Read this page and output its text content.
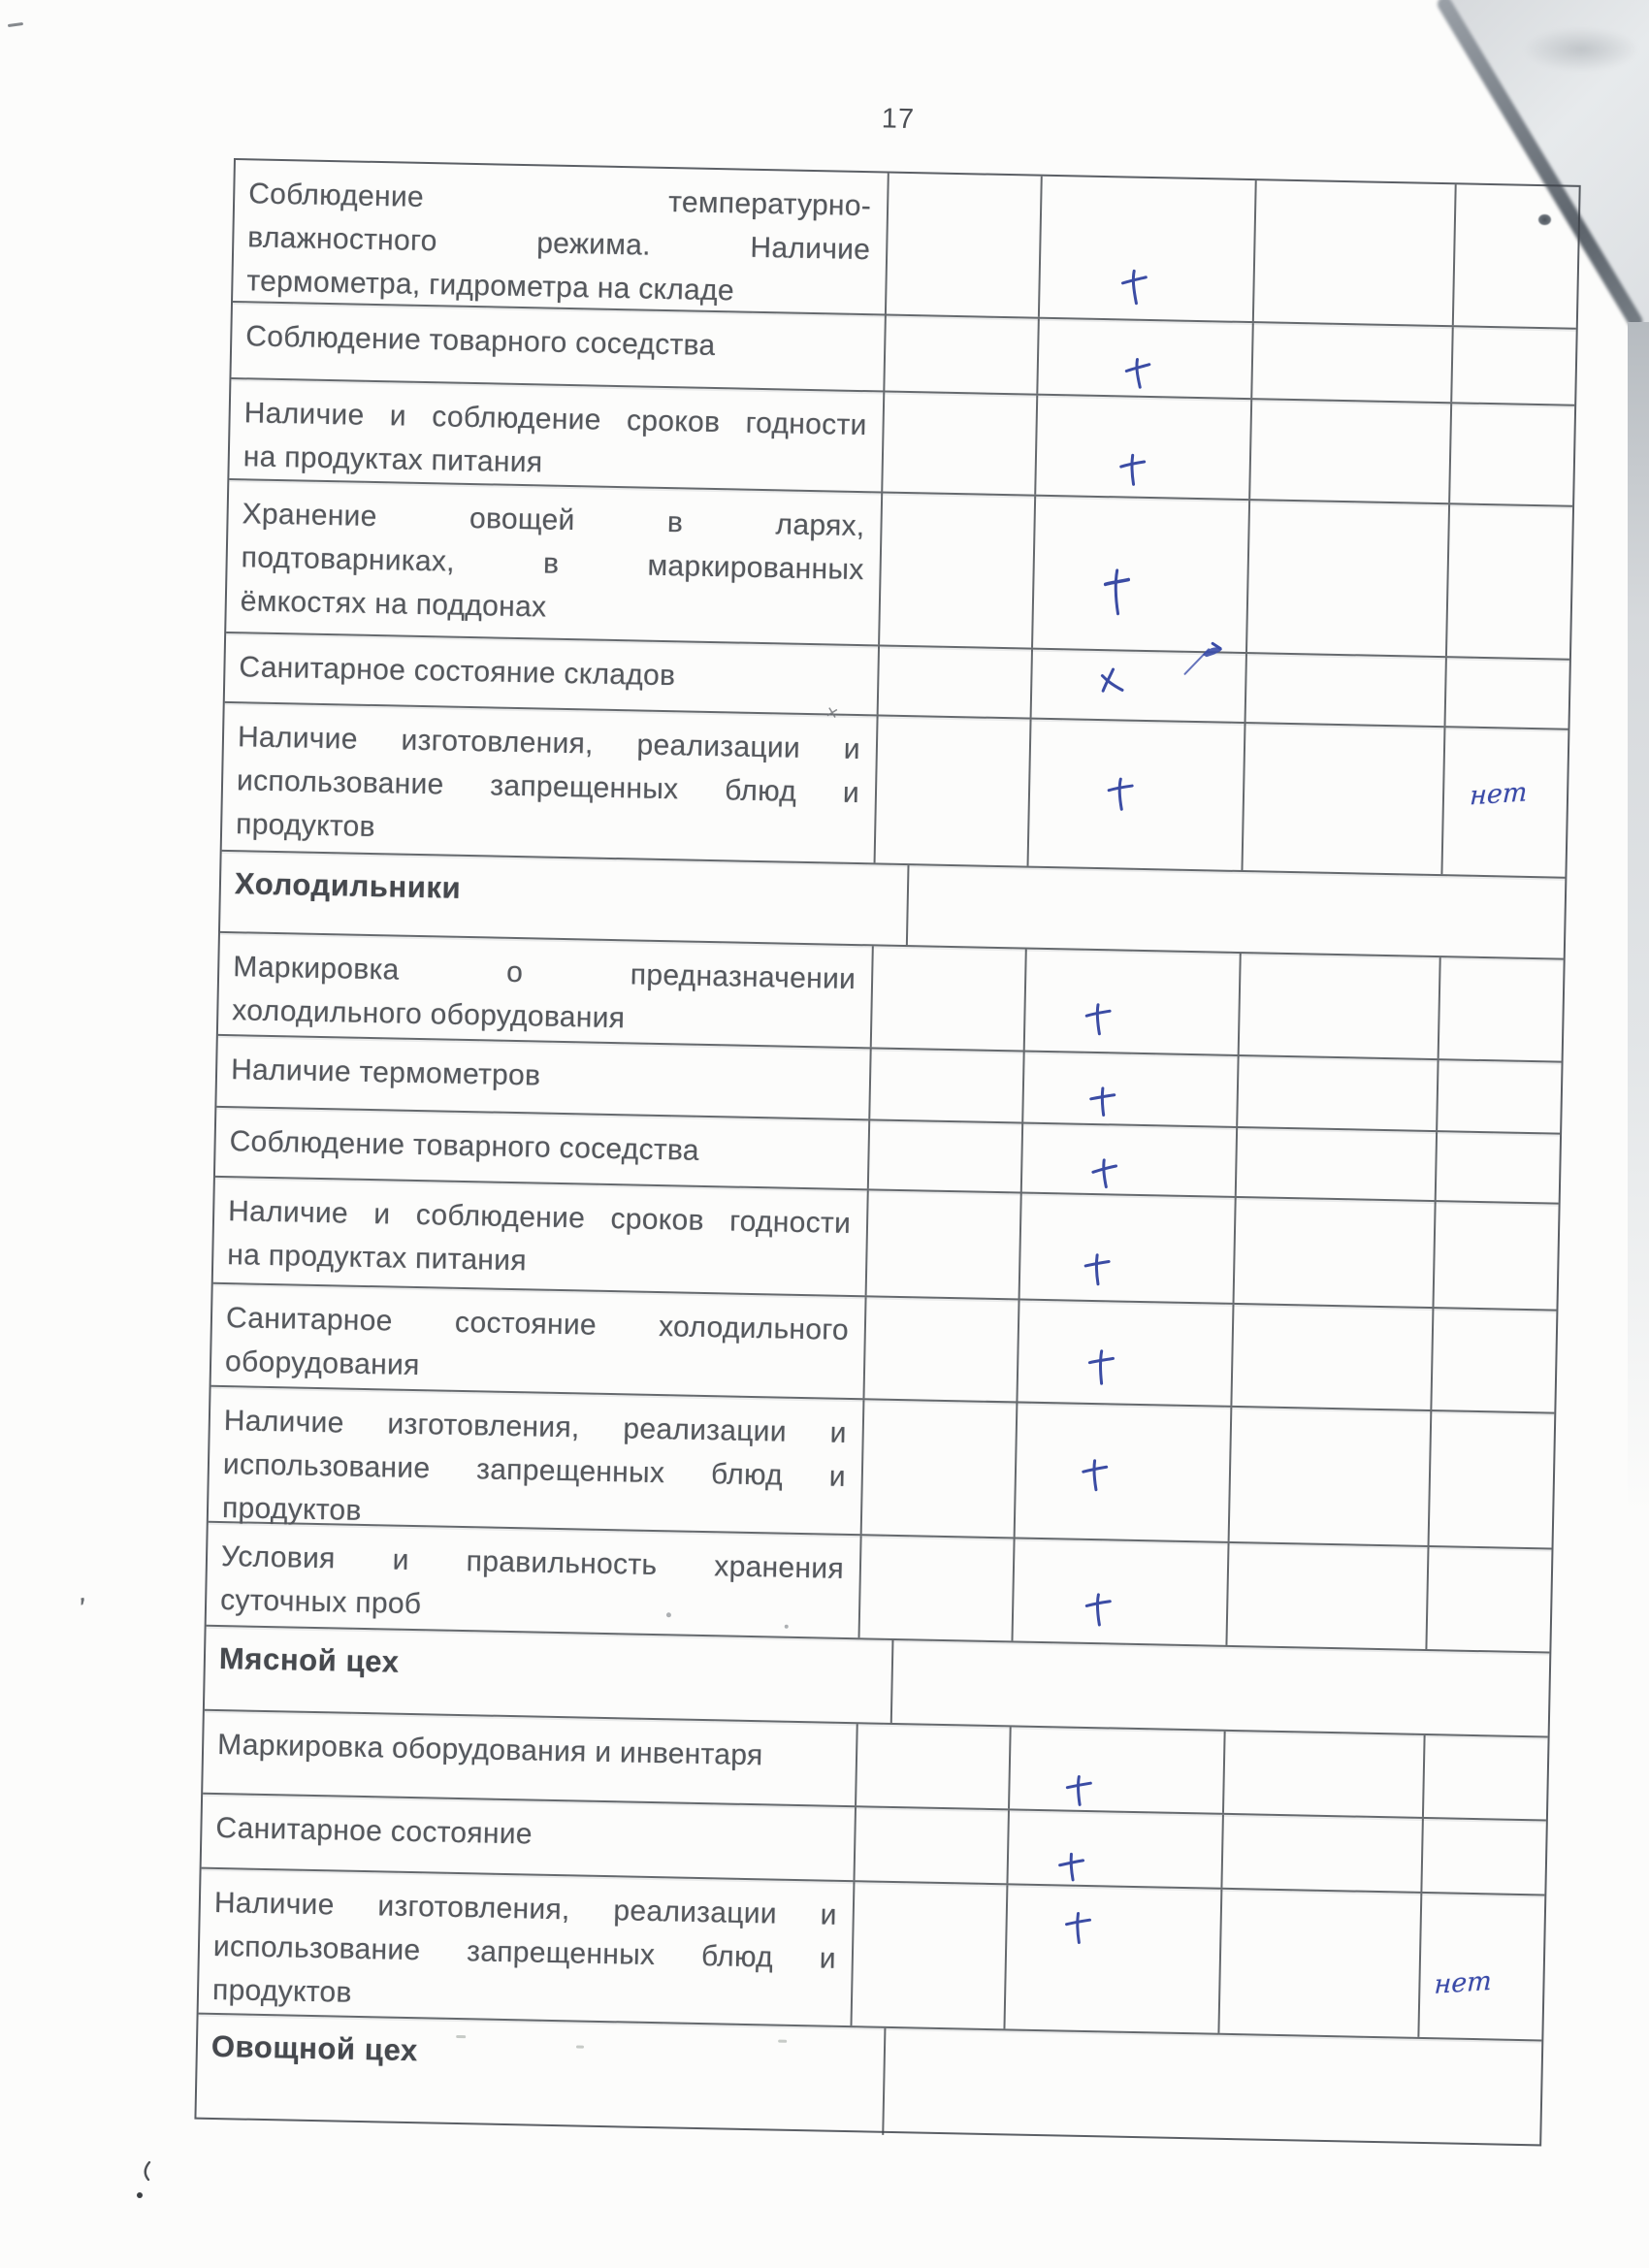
ʼ
17
Соблюдение температурно-
влажностного режима. Наличие
термометра, гидрометра на складе
Соблюдение товарного соседства
Наличие и соблюдение сроков годности
на продуктах питания
Хранение овощей в ларях,
подтоварниках, в маркированных
ёмкостях на поддонах
Санитарное состояние складов
Наличие изготовления, реализации и
использование запрещенных блюд и
продуктов
нет
Холодильники
Маркировка о предназначении
холодильного оборудования
Наличие термометров
Соблюдение товарного соседства
Наличие и соблюдение сроков годности
на продуктах питания
Санитарное состояние холодильного
оборудования
Наличие изготовления, реализации и
использование запрещенных блюд и
продуктов
Условия и правильность хранения
суточных проб
Мясной цех
Маркировка оборудования и инвентаря
Санитарное состояние
Наличие изготовления, реализации и
использование запрещенных блюд и
продуктов	нет
Овощной цех
×
